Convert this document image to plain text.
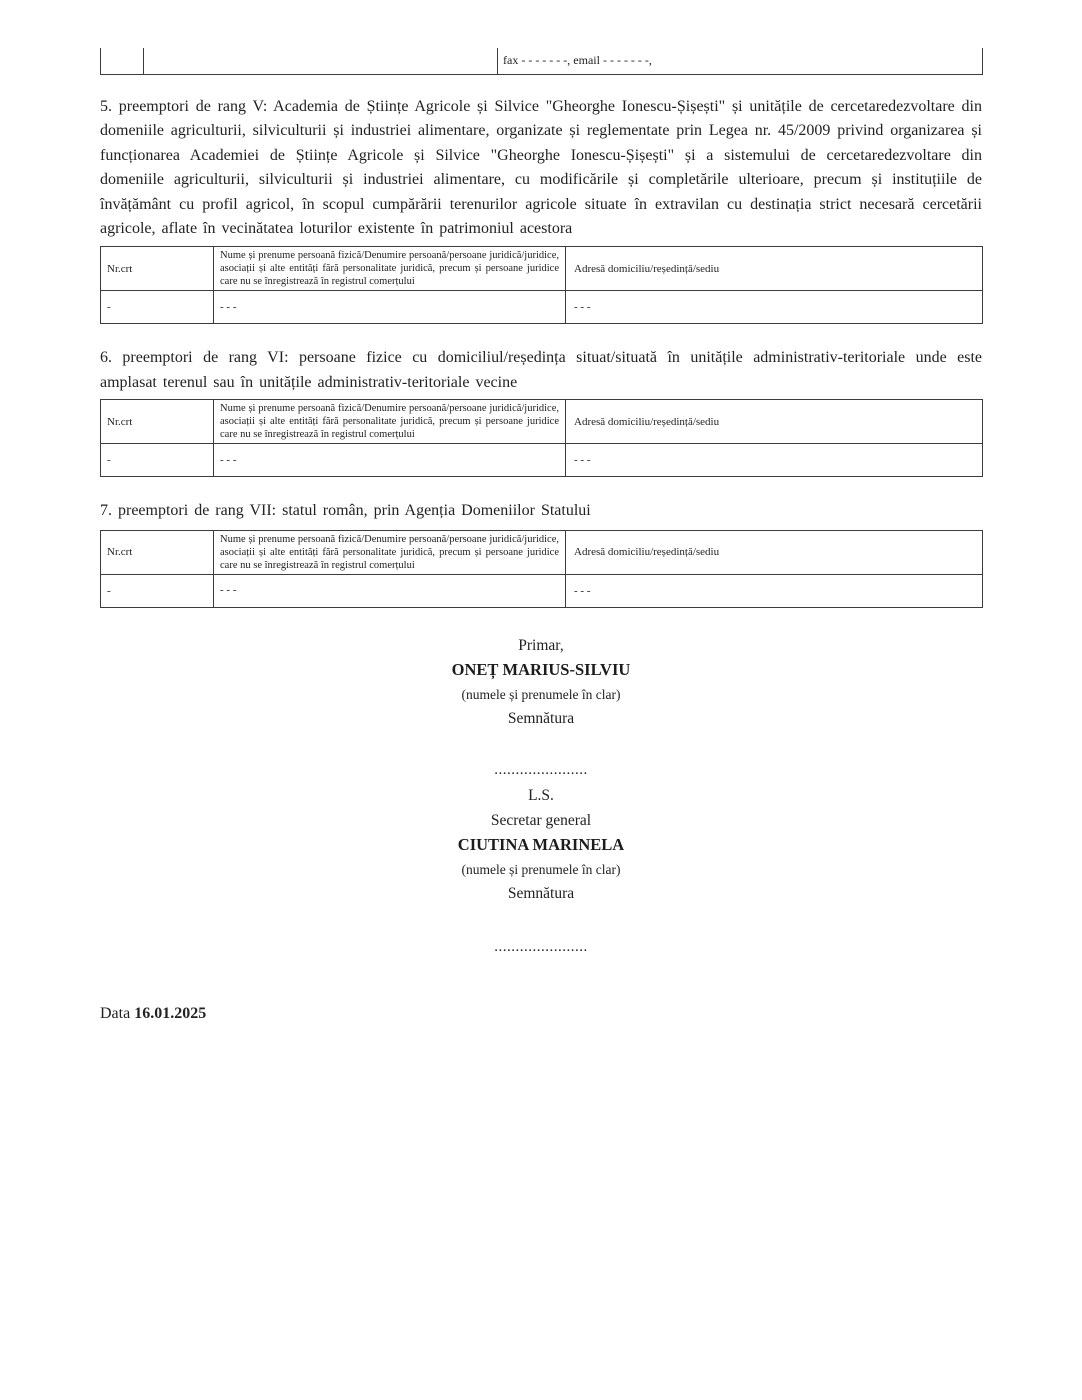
		fax - - - - - - -, email - - - - - - -,

5. preemptori de rang V: Academia de Științe Agricole și Silvice "Gheorghe Ionescu-Șișești" și unitățile de cercetaredezvoltare din domeniile agriculturii, silviculturii și industriei alimentare, organizate și reglementate prin Legea nr. 45/2009 privind organizarea și funcționarea Academiei de Științe Agricole și Silvice "Gheorghe Ionescu-Șișești" și a sistemului de cercetaredezvoltare din domeniile agriculturii, silviculturii și industriei alimentare, cu modificările și completările ulterioare, precum și instituțiile de învățământ cu profil agricol, în scopul cumpărării terenurilor agricole situate în extravilan cu destinația strict necesară cercetării agricole, aflate în vecinătatea loturilor existente în patrimoniul acestora

Nr.crt	Nume și prenume persoană fizică/Denumire persoană/persoane juridică/juridice, asociații și alte entități fără personalitate juridică, precum și persoane juridice care nu se înregistrează în registrul comerțului	Adresă domiciliu/reședință/sediu
-	- - -	- - -

6. preemptori de rang VI: persoane fizice cu domiciliul/reședința situat/situată în unitățile administrativ-teritoriale unde este amplasat terenul sau în unitățile administrativ-teritoriale vecine

Nr.crt	Nume și prenume persoană fizică/Denumire persoană/persoane juridică/juridice, asociații și alte entități fără personalitate juridică, precum și persoane juridice care nu se înregistrează în registrul comerțului	Adresă domiciliu/reședință/sediu
-	- - -	- - -

7. preemptori de rang VII: statul român, prin Agenția Domeniilor Statului

Nr.crt	Nume și prenume persoană fizică/Denumire persoană/persoane juridică/juridice, asociații și alte entități fără personalitate juridică, precum și persoane juridice care nu se înregistrează în registrul comerțului	Adresă domiciliu/reședință/sediu
-	- - -	- - -
Primar,
ONEȚ MARIUS-SILVIU
(numele și prenumele în clar)
Semnătura
......................
L.S.
Secretar general
CIUTINA MARINELA
(numele și prenumele în clar)
Semnătura
......................
Data 16.01.2025
